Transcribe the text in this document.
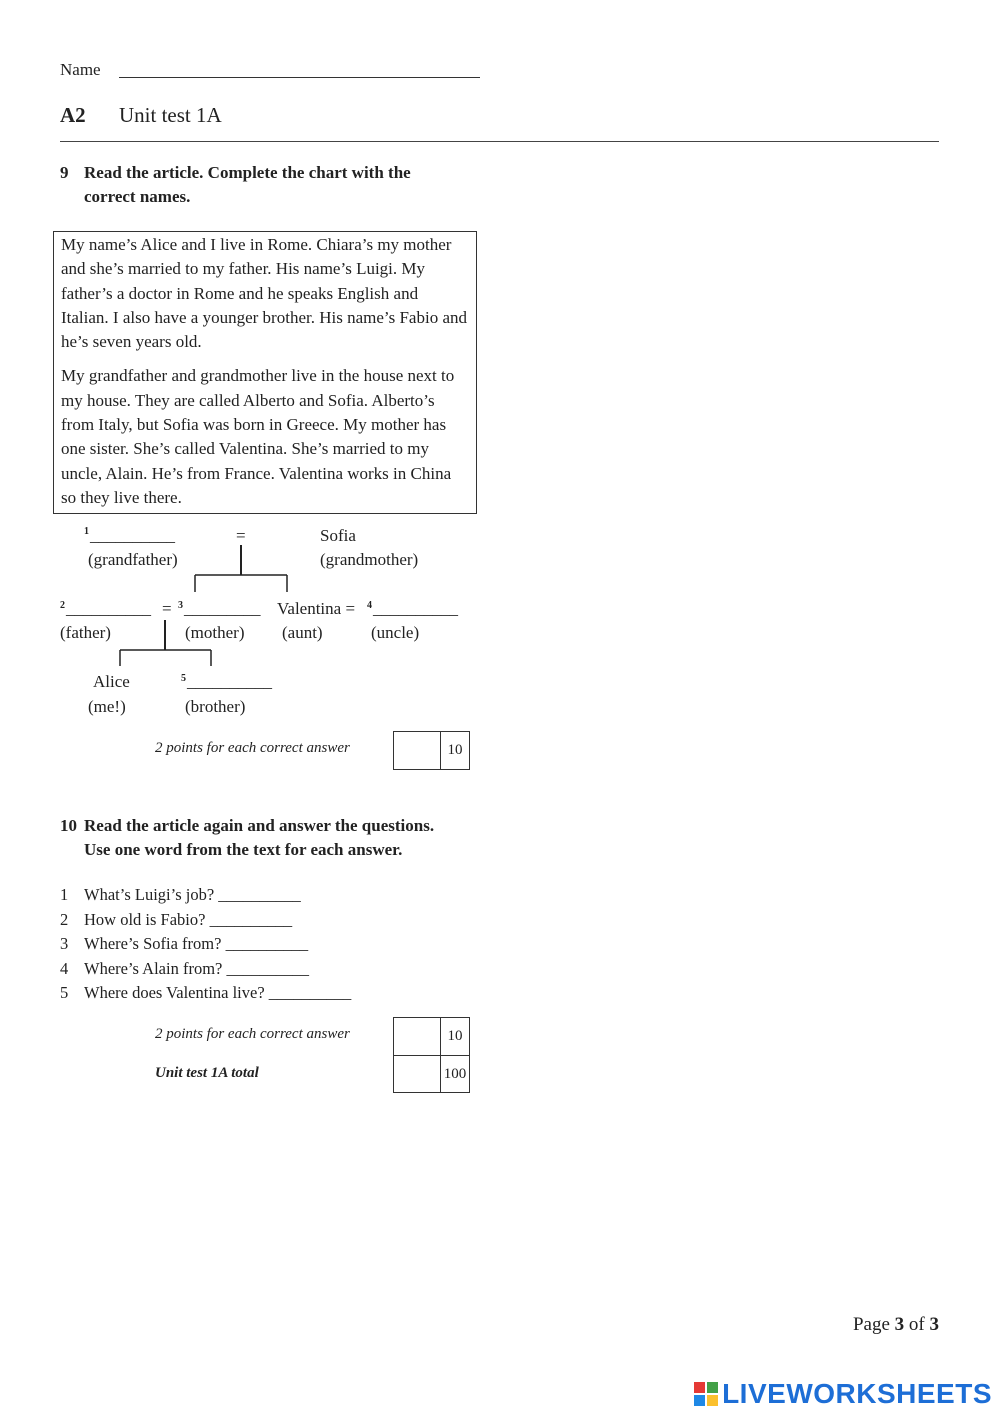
Name
A2 Unit test 1A
9 Read the article. Complete the chart with the
correct names.

My name’s Alice and I live in Rome. Chiara’s my mother and she’s married to my father. His name’s Luigi. My father’s a doctor in Rome and he speaks English and Italian. I also have a younger brother. His name’s Fabio and he’s seven years old.

My grandfather and grandmother live in the house next to my house. They are called Alberto and Sofia. Alberto’s from Italy, but Sofia was born in Greece. My mother has one sister. She’s called Valentina. She’s married to my uncle, Alain. He’s from France. Valentina works in China so they live there.

1 __________	=	Sofia
(grandfather)	(grandmother)
2 __________ = 3 _________ Valentina = 4 __________
(father)	(mother) (aunt)	(uncle)
Alice	5 __________
(me!)	(brother)
2 points for each correct answer	10
10 Read the article again and answer the questions.
Use one word from the text for each answer.
1 What’s Luigi’s job? __________
2 How old is Fabio? __________
3 Where’s Sofia from? __________
4 Where’s Alain from? __________
5 Where does Valentina live? __________
2 points for each correct answer	10
Unit test 1A total	100
Page 3 of 3
LIVEWORKSHEETS
